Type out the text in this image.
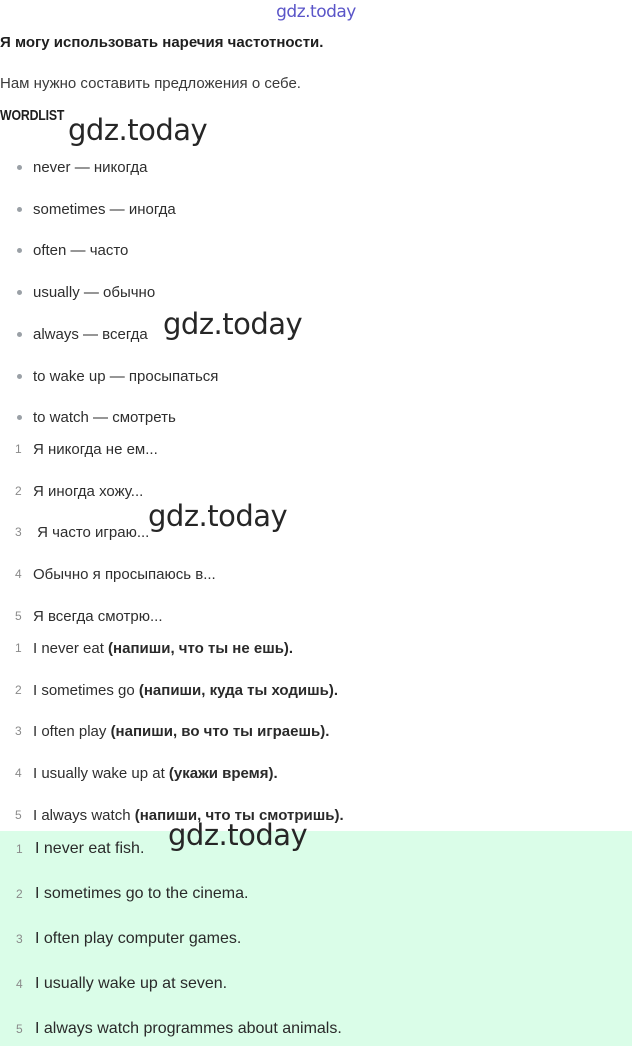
gdz.today
Я могу использовать наречия частотности.
Нам нужно составить предложения о себе.
WORDLIST
never — никогда
sometimes — иногда
often — часто
usually — обычно
always — всегда
to wake up — просыпаться
to watch — смотреть
1 Я никогда не ем...
2 Я иногда хожу...
3 Я часто играю...
4 Обычно я просыпаюсь в...
5 Я всегда смотрю...
1 I never eat (напиши, что ты не ешь).
2 I sometimes go (напиши, куда ты ходишь).
3 I often play (напиши, во что ты играешь).
4 I usually wake up at (укажи время).
5 I always watch (напиши, что ты смотришь).
1 I never eat fish.
2 I sometimes go to the cinema.
3 I often play computer games.
4 I usually wake up at seven.
5 I always watch programmes about animals.
gdz.today
gdz.today
gdz.today
gdz.today
